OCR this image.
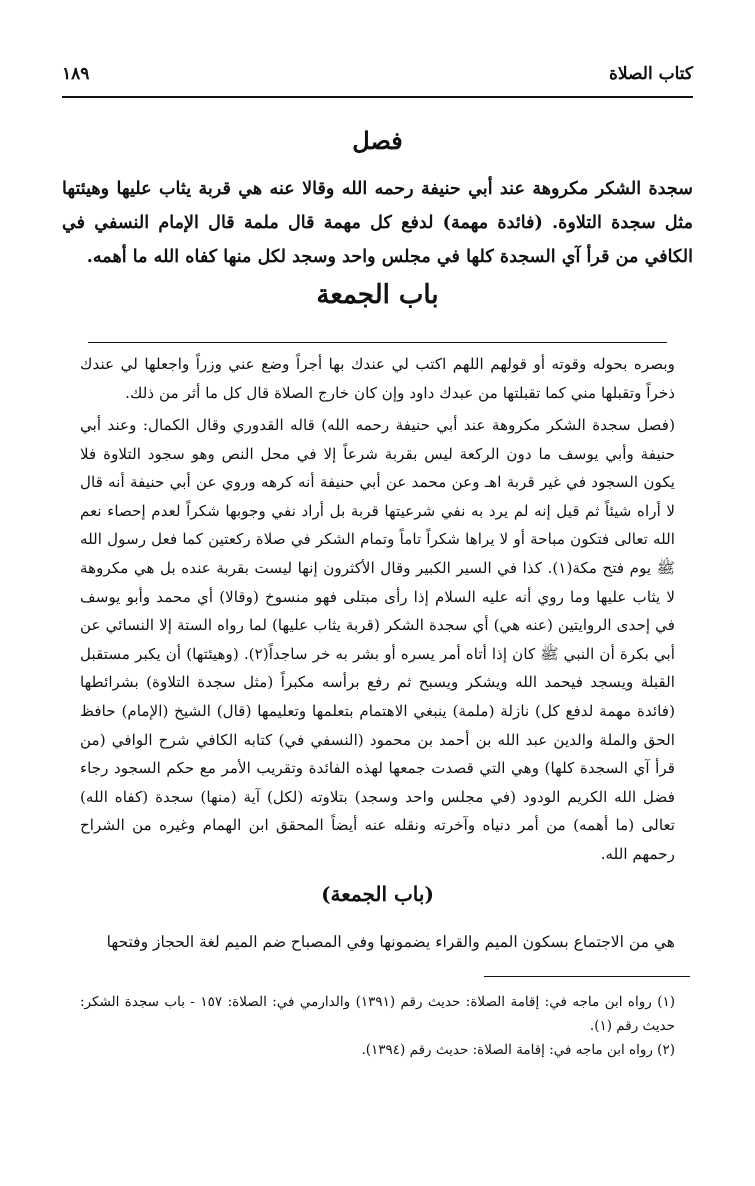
كتاب الصلاة
١٨٩
فصل
سجدة الشكر مكروهة عند أبي حنيفة رحمه الله وقالا عنه هي قربة يثاب عليها وهيئتها مثل سجدة التلاوة. (فائدة مهمة) لدفع كل مهمة قال ملمة قال الإمام النسفي في الكافي من قرأ آي السجدة كلها في مجلس واحد وسجد لكل منها كفاه الله ما أهمه.
باب الجمعة

وبصره بحوله وقوته أو قولهم اللهم اكتب لي عندك بها أجراً وضع عني وزراً واجعلها لي عندك ذخراً وتقبلها مني كما تقبلتها من عبدك داود وإن كان خارج الصلاة قال كل ما أثر من ذلك.

(فصل سجدة الشكر مكروهة عند أبي حنيفة رحمه الله) قاله القدوري وقال الكمال: وعند أبي حنيفة وأبي يوسف ما دون الركعة ليس بقربة شرعاً إلا في محل النص وهو سجود التلاوة فلا يكون السجود في غير قربة اهـ وعن محمد عن أبي حنيفة أنه كرهه وروي عن أبي حنيفة أنه قال لا أراه شيئاً ثم قيل إنه لم يرد به نفي شرعيتها قربة بل أراد نفي وجوبها شكراً لعدم إحصاء نعم الله تعالى فتكون مباحة أو لا يراها شكراً تاماً وتمام الشكر في صلاة ركعتين كما فعل رسول الله ﷺ يوم فتح مكة(١). كذا في السير الكبير وقال الأكثرون إنها ليست بقربة عنده بل هي مكروهة لا يثاب عليها وما روي أنه عليه السلام إذا رأى مبتلى فهو منسوخ (وقالا) أي محمد وأبو يوسف في إحدى الروايتين (عنه هي) أي سجدة الشكر (قربة يثاب عليها) لما رواه الستة إلا النسائي عن أبي بكرة أن النبي ﷺ كان إذا أتاه أمر يسره أو بشر به خر ساجداً(٢). (وهيئتها) أن يكبر مستقبل القبلة ويسجد فيحمد الله ويشكر ويسبح ثم رفع برأسه مكبراً (مثل سجدة التلاوة) بشرائطها (فائدة مهمة لدفع كل) نازلة (ملمة) ينبغي الاهتمام بتعلمها وتعليمها (قال) الشيخ (الإمام) حافظ الحق والملة والدين عبد الله بن أحمد بن محمود (النسفي في) كتابه الكافي شرح الوافي (من قرأ آي السجدة كلها) وهي التي قصدت جمعها لهذه الفائدة وتقريب الأمر مع حكم السجود رجاء فضل الله الكريم الودود (في مجلس واحد وسجد) بتلاوته (لكل) آية (منها) سجدة (كفاه الله) تعالى (ما أهمه) من أمر دنياه وآخرته ونقله عنه أيضاً المحقق ابن الهمام وغيره من الشراح رحمهم الله.

(باب الجمعة)
هي من الاجتماع بسكون الميم والقراء يضمونها وفي المصباح ضم الميم لغة الحجاز وفتحها

(١) رواه ابن ماجه في: إقامة الصلاة: حديث رقم (١٣٩١) والدارمي في: الصلاة: ١٥٧ - باب سجدة الشكر: حديث رقم (١).

(٢) رواه ابن ماجه في: إقامة الصلاة: حديث رقم (١٣٩٤).
